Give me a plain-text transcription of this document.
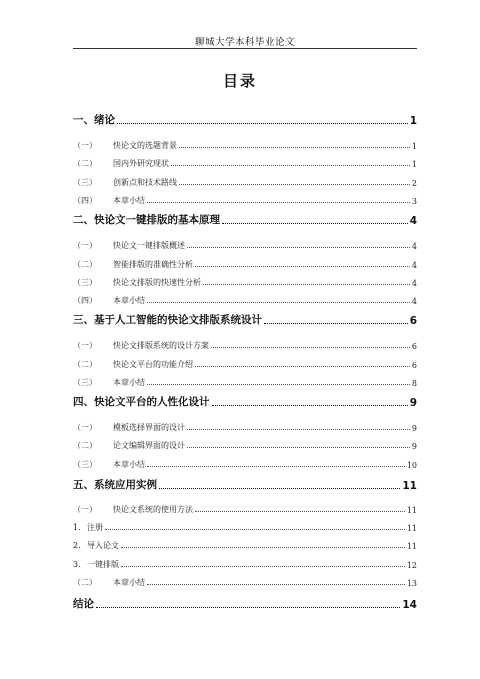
聊城大学本科毕业论文
目录
一、绪论	1
（一） 快论文的选题背景	1
（二） 国内外研究现状	1
（三） 创新点和技术路线	2
（四） 本章小结	3
二、快论文一键排版的基本原理	4
（一） 快论文一键排版概述	4
（二） 智能排版的准确性分析	4
（三） 快论文排版的快速性分析	4
（四） 本章小结	4
三、基于人工智能的快论文排版系统设计	6
（一） 快论文排版系统的设计方案	6
（二） 快论文平台的功能介绍	6
（三） 本章小结	8
四、快论文平台的人性化设计	9
（一） 模板选择界面的设计	9
（二） 论文编辑界面的设计	9
（三） 本章小结	10
五、系统应用实例	11
（一） 快论文系统的使用方法	11
1. 注册	11
2. 导入论文	11
3. 一键排版	12
（二） 本章小结	13
结论	14
